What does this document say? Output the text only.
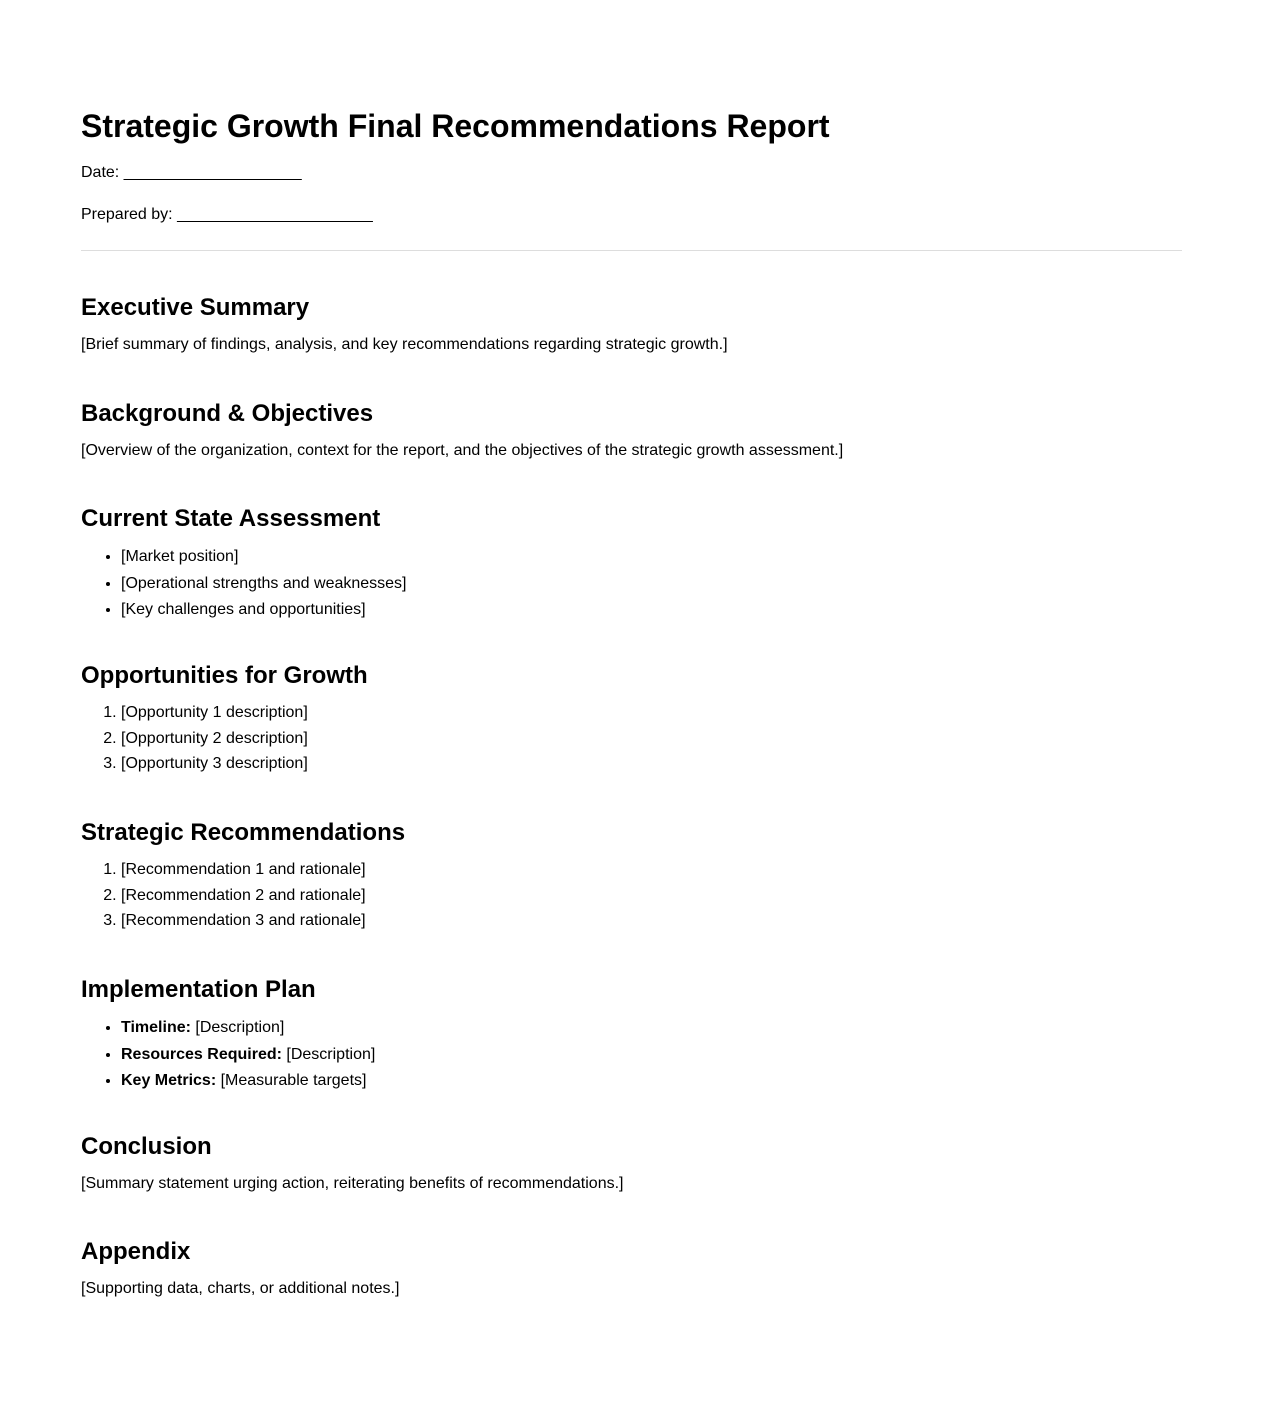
Strategic Growth Final Recommendations Report

Date: ____________________

Prepared by: ______________________

Executive Summary

[Brief summary of findings, analysis, and key recommendations regarding strategic growth.]

Background & Objectives

[Overview of the organization, context for the report, and the objectives of the strategic growth assessment.]

Current State Assessment
• [Market position]
• [Operational strengths and weaknesses]
• [Key challenges and opportunities]
Opportunities for Growth
1. [Opportunity 1 description]
2. [Opportunity 2 description]
3. [Opportunity 3 description]
Strategic Recommendations
1. [Recommendation 1 and rationale]
2. [Recommendation 2 and rationale]
3. [Recommendation 3 and rationale]
Implementation Plan
• Timeline: [Description]
• Resources Required: [Description]
• Key Metrics: [Measurable targets]
Conclusion

[Summary statement urging action, reiterating benefits of recommendations.]

Appendix

[Supporting data, charts, or additional notes.]
